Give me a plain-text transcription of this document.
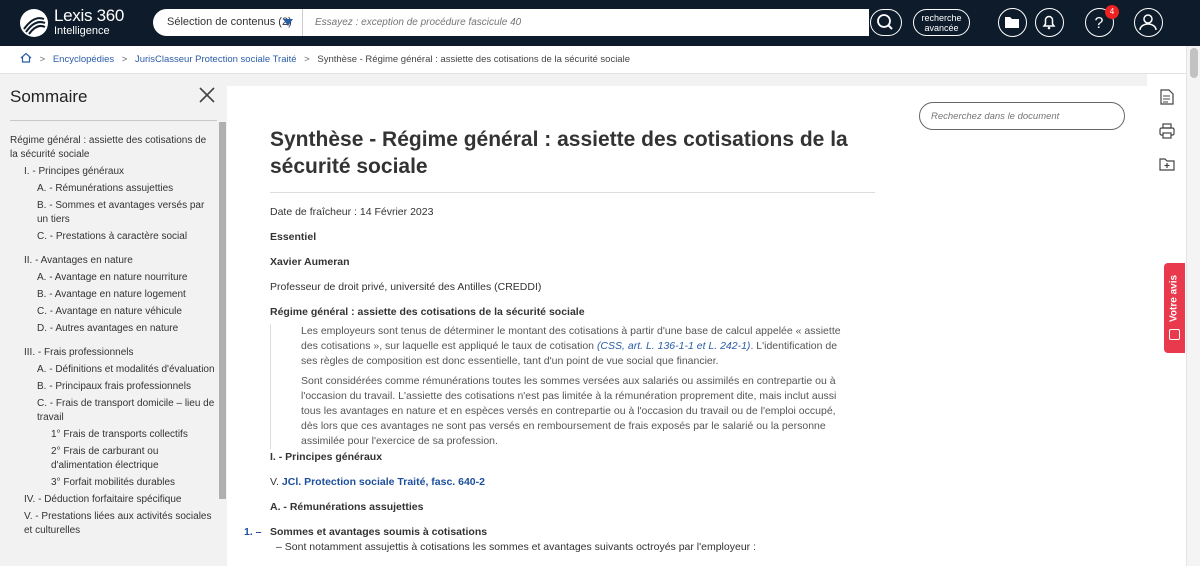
Lexis 360
Intelligence
Sélection de contenus (2)
Essayez : exception de procédure fascicule 40	recherche avancée	?
4
> Encyclopédies > JurisClasseur Protection sociale Traité > Synthèse - Régime général : assiette des cotisations de la sécurité sociale
Sommaire
Régime général : assiette des cotisations de la sécurité sociale
I. - Principes généraux
A. - Rémunérations assujetties
B. - Sommes et avantages versés par un tiers
C. - Prestations à caractère social
II. - Avantages en nature
A. - Avantage en nature nourriture
B. - Avantage en nature logement
C. - Avantage en nature véhicule
D. - Autres avantages en nature
III. - Frais professionnels
A. - Définitions et modalités d'évaluation
B. - Principaux frais professionnels
C. - Frais de transport domicile – lieu de travail
1° Frais de transports collectifs
2° Frais de carburant ou d'alimentation électrique
3° Forfait mobilités durables
IV. - Déduction forfaitaire spécifique
V. - Prestations liées aux activités sociales et culturelles
Recherchez dans le document
Synthèse - Régime général : assiette des cotisations de la sécurité sociale
Date de fraîcheur : 14 Février 2023
Essentiel
Xavier Aumeran
Professeur de droit privé, université des Antilles (CREDDI)
Régime général : assiette des cotisations de la sécurité sociale

Les employeurs sont tenus de déterminer le montant des cotisations à partir d'une base de calcul appelée « assiette des cotisations », sur laquelle est appliqué le taux de cotisation (CSS, art. L. 136-1-1 et L. 242-1). L'identification de ses règles de composition est donc essentielle, tant d'un point de vue social que financier.

Sont considérées comme rémunérations toutes les sommes versées aux salariés ou assimilés en contrepartie ou à l'occasion du travail. L'assiette des cotisations n'est pas limitée à la rémunération proprement dite, mais inclut aussi tous les avantages en nature et en espèces versés en contrepartie ou à l'occasion du travail ou de l'emploi occupé, dès lors que ces avantages ne sont pas versés en remboursement de frais exposés par le salarié ou la personne assimilée pour l'exercice de sa profession.

I. - Principes généraux
V. JCl. Protection sociale Traité, fasc. 640-2
A. - Rémunérations assujetties
1. – Sommes et avantages soumis à cotisations
– Sont notamment assujettis à cotisations les sommes et avantages suivants octroyés par l'employeur :
Votre avis
